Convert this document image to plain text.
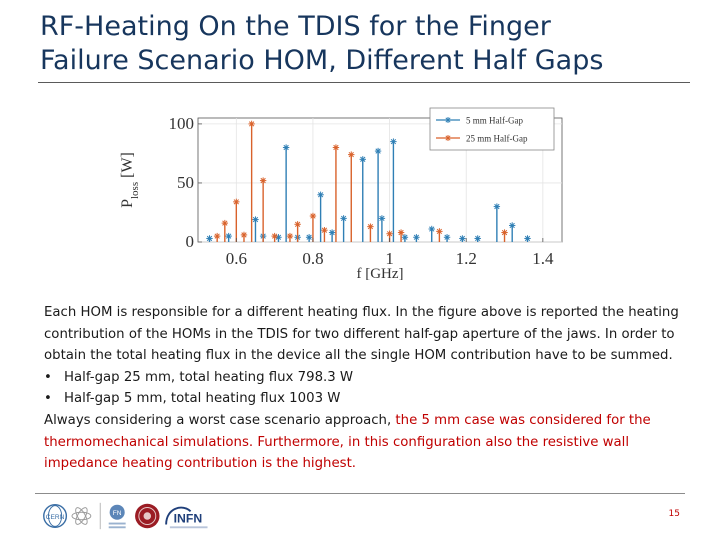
RF-Heating On the TDIS for the Finger
Failure Scenario HOM, Different Half Gaps
0
50
100
0.6	0.8	1	1.2	1.4
5 mm Half-Gap
25 mm Half-Gap
f [GHz]
$P_{loss}$ [W]

Each HOM is responsible for a different heating flux. In the figure above is reported the heating contribution of the HOMs in the TDIS for two different half-gap aperture of the jaws. In order to obtain the total heating flux in the device all the single HOM contribution have to be summed.

• Half-gap 25 mm, total heating flux 798.3 W

• Half-gap 5 mm, total heating flux 1003 W

Always considering a worst case scenario approach, the 5 mm case was considered for the thermomechanical simulations. Furthermore, in this configuration also the resistive wall impedance heating contribution is the highest.

CERN
FN	INFN	15
